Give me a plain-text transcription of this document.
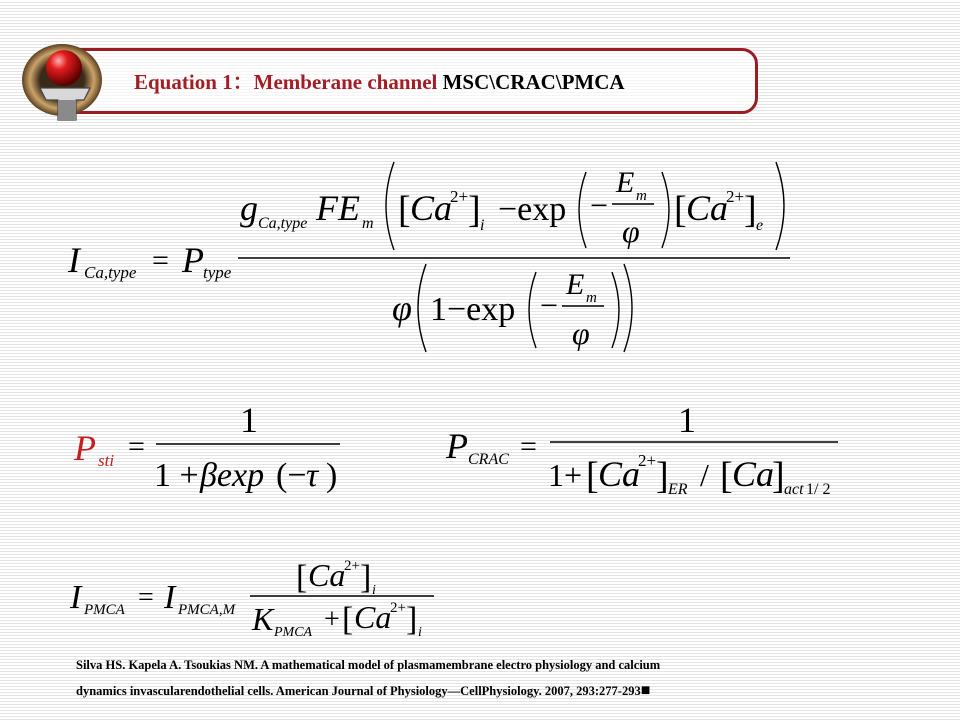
Equation 1：Memberane channel MSC\CRAC\PMCA
I Ca,type = P type
g Ca,type FE m [ Ca
2+ ] i −exp −
E m
φ [ Ca
2+ ] e
φ 1−exp −
E m
φ
P sti =
1
1 + βexp (− τ )
P CRAC =
1
1+ [ Ca
2+ ] ER / [ Ca
] act 1/ 2
I PMCA = I PMCA,M
[ Ca
2+ ] i
K PMCA + [ Ca
2+ ] i
Silva HS. Kapela A. Tsoukias NM. A mathematical model of plasmamembrane electro physiology and calcium
dynamics invascularendothelial cells. American Journal of Physiology—CellPhysiology. 2007, 293:277-293■
